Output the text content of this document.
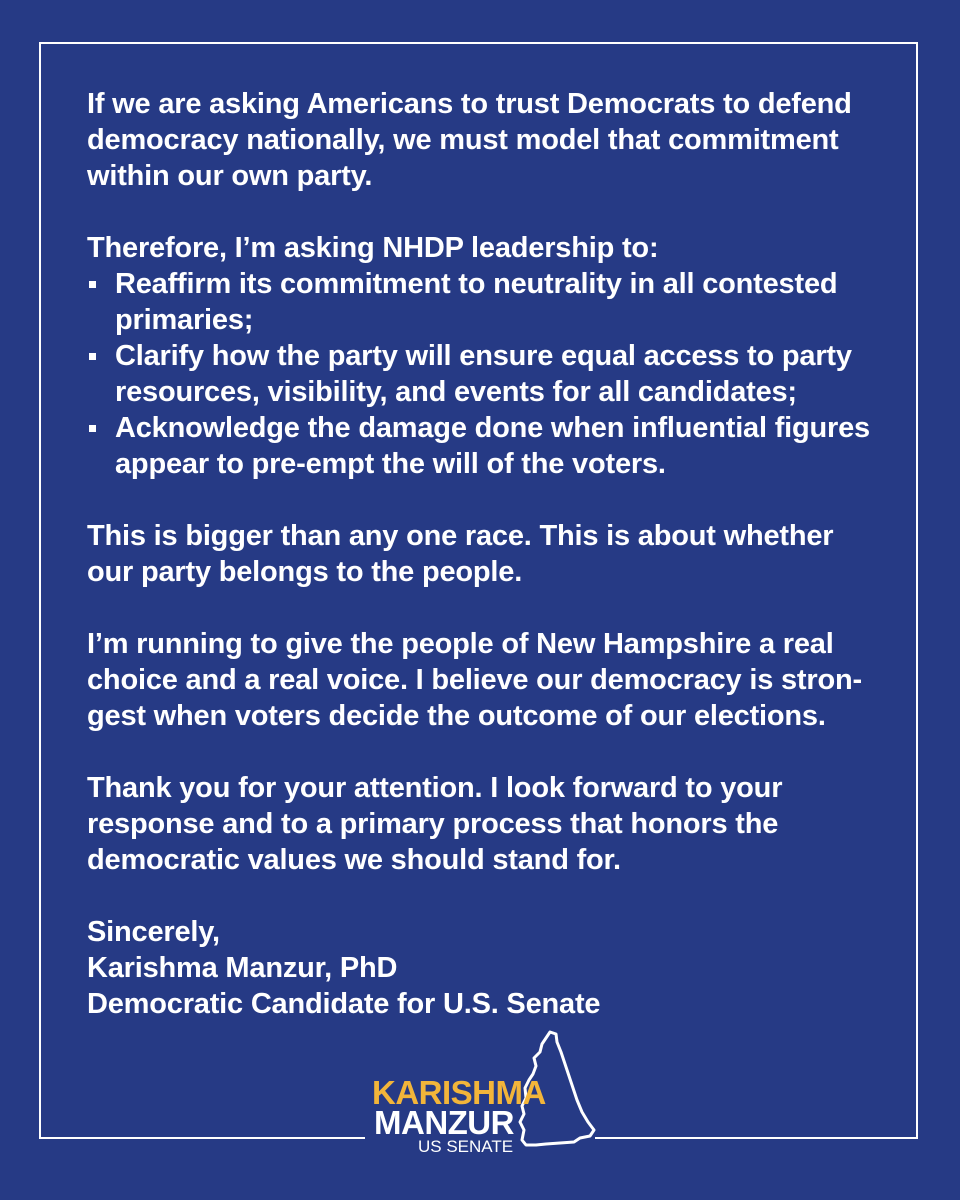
If we are asking Americans to trust Democrats to defend democracy nationally, we must model that commitment within our own party.

Therefore, I’m asking NHDP leadership to:

Reaffirm its commitment to neutrality in all contested primaries;
Clarify how the party will ensure equal access to party resources, visibility, and events for all candidates;
Acknowledge the damage done when influential figures appear to pre-empt the will of the voters.

This is bigger than any one race. This is about whether our party belongs to the people.

I’m running to give the people of New Hampshire a real choice and a real voice. I believe our democracy is stron-gest when voters decide the outcome of our elections.

Thank you for your attention. I look forward to your response and to a primary process that honors the democratic values we should stand for.

Sincerely,

Karishma Manzur, PhD

Democratic Candidate for U.S. Senate

KARISHMA
MANZUR
US SENATE
